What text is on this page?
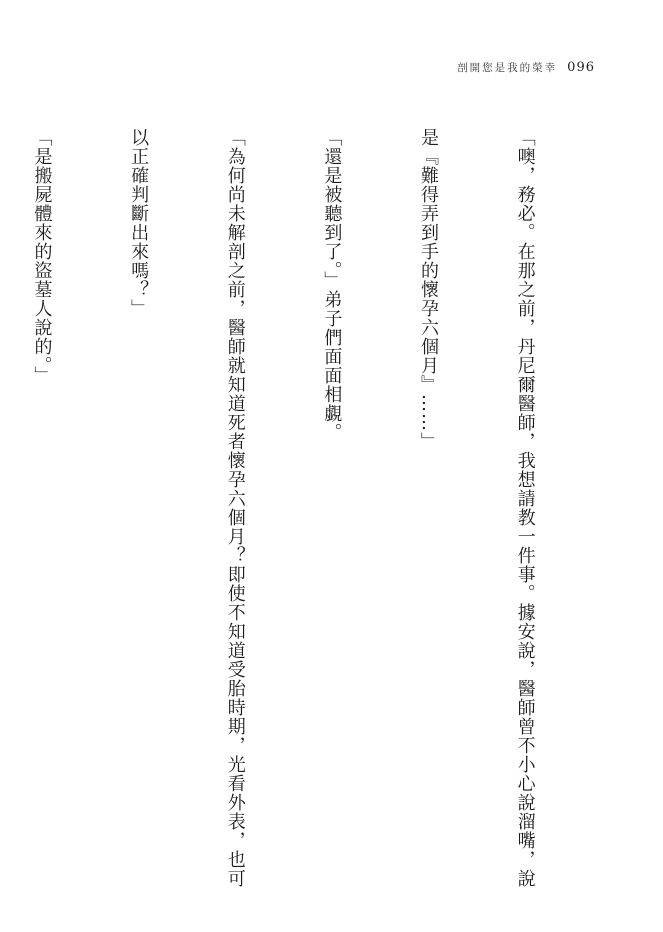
剖開您是我的榮幸 096

「噢，務必。在那之前，丹尼爾醫師，我想請教一件事。據安說，醫師曾不小心說溜嘴，說

是『難得弄到手的懷孕六個月』……」

「還是被聽到了。」弟子們面面相覷。

「為何尚未解剖之前，醫師就知道死者懷孕六個月？即使不知道受胎時期，光看外表，也可

以正確判斷出來嗎？」

「是搬屍體來的盜墓人說的。」
